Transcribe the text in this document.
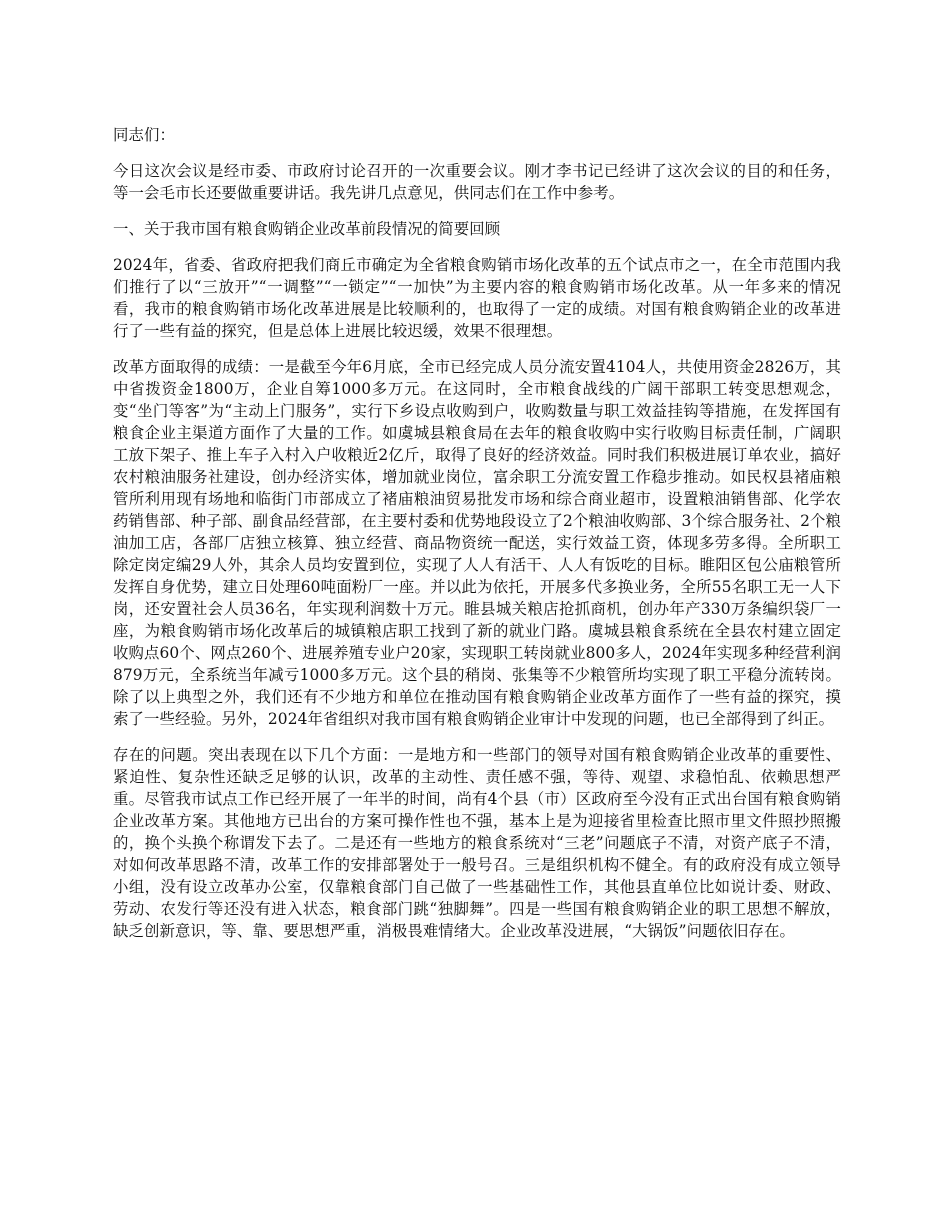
同志们：

今日这次会议是经市委、市政府讨论召开的一次重要会议。刚才李书记已经讲了这次会议的目的和任务，等一会毛市长还要做重要讲话。我先讲几点意见，供同志们在工作中参考。

一、关于我市国有粮食购销企业改革前段情况的简要回顾

2024年，省委、省政府把我们商丘市确定为全省粮食购销市场化改革的五个试点市之一，在全市范围内我们推行了以“三放开”“一调整”“一锁定”“一加快”为主要内容的粮食购销市场化改革。从一年多来的情况看，我市的粮食购销市场化改革进展是比较顺利的，也取得了一定的成绩。对国有粮食购销企业的改革进行了一些有益的探究，但是总体上进展比较迟缓，效果不很理想。

改革方面取得的成绩：一是截至今年6月底，全市已经完成人员分流安置4104人，共使用资金2826万，其中省拨资金1800万，企业自筹1000多万元。在这同时，全市粮食战线的广阔干部职工转变思想观念，变“坐门等客”为“主动上门服务”，实行下乡设点收购到户，收购数量与职工效益挂钩等措施，在发挥国有粮食企业主渠道方面作了大量的工作。如虞城县粮食局在去年的粮食收购中实行收购目标责任制，广阔职工放下架子、推上车子入村入户收粮近2亿斤，取得了良好的经济效益。同时我们积极进展订单农业，搞好农村粮油服务社建设，创办经济实体，增加就业岗位，富余职工分流安置工作稳步推动。如民权县褚庙粮管所利用现有场地和临街门市部成立了褚庙粮油贸易批发市场和综合商业超市，设置粮油销售部、化学农药销售部、种子部、副食品经营部，在主要村委和优势地段设立了2个粮油收购部、3个综合服务社、2个粮油加工店，各部厂店独立核算、独立经营、商品物资统一配送，实行效益工资，体现多劳多得。全所职工除定岗定编29人外，其余人员均安置到位，实现了人人有活干、人人有饭吃的目标。睢阳区包公庙粮管所发挥自身优势，建立日处理60吨面粉厂一座。并以此为依托，开展多代多换业务，全所55名职工无一人下岗，还安置社会人员36名，年实现利润数十万元。睢县城关粮店抢抓商机，创办年产330万条编织袋厂一座，为粮食购销市场化改革后的城镇粮店职工找到了新的就业门路。虞城县粮食系统在全县农村建立固定收购点60个、网点260个、进展养殖专业户20家，实现职工转岗就业800多人，2024年实现多种经营利润879万元，全系统当年减亏1000多万元。这个县的稍岗、张集等不少粮管所均实现了职工平稳分流转岗。除了以上典型之外，我们还有不少地方和单位在推动国有粮食购销企业改革方面作了一些有益的探究，摸索了一些经验。另外，2024年省组织对我市国有粮食购销企业审计中发现的问题，也已全部得到了纠正。

存在的问题。突出表现在以下几个方面：一是地方和一些部门的领导对国有粮食购销企业改革的重要性、紧迫性、复杂性还缺乏足够的认识，改革的主动性、责任感不强，等待、观望、求稳怕乱、依赖思想严重。尽管我市试点工作已经开展了一年半的时间，尚有4个县（市）区政府至今没有正式出台国有粮食购销企业改革方案。其他地方已出台的方案可操作性也不强，基本上是为迎接省里检查比照市里文件照抄照搬的，换个头换个称谓发下去了。二是还有一些地方的粮食系统对“三老”问题底子不清，对资产底子不清，对如何改革思路不清，改革工作的安排部署处于一般号召。三是组织机构不健全。有的政府没有成立领导小组，没有设立改革办公室，仅靠粮食部门自己做了一些基础性工作，其他县直单位比如说计委、财政、劳动、农发行等还没有进入状态，粮食部门跳“独脚舞”。四是一些国有粮食购销企业的职工思想不解放，缺乏创新意识，等、靠、要思想严重，消极畏难情绪大。企业改革没进展，“大锅饭”问题依旧存在。
